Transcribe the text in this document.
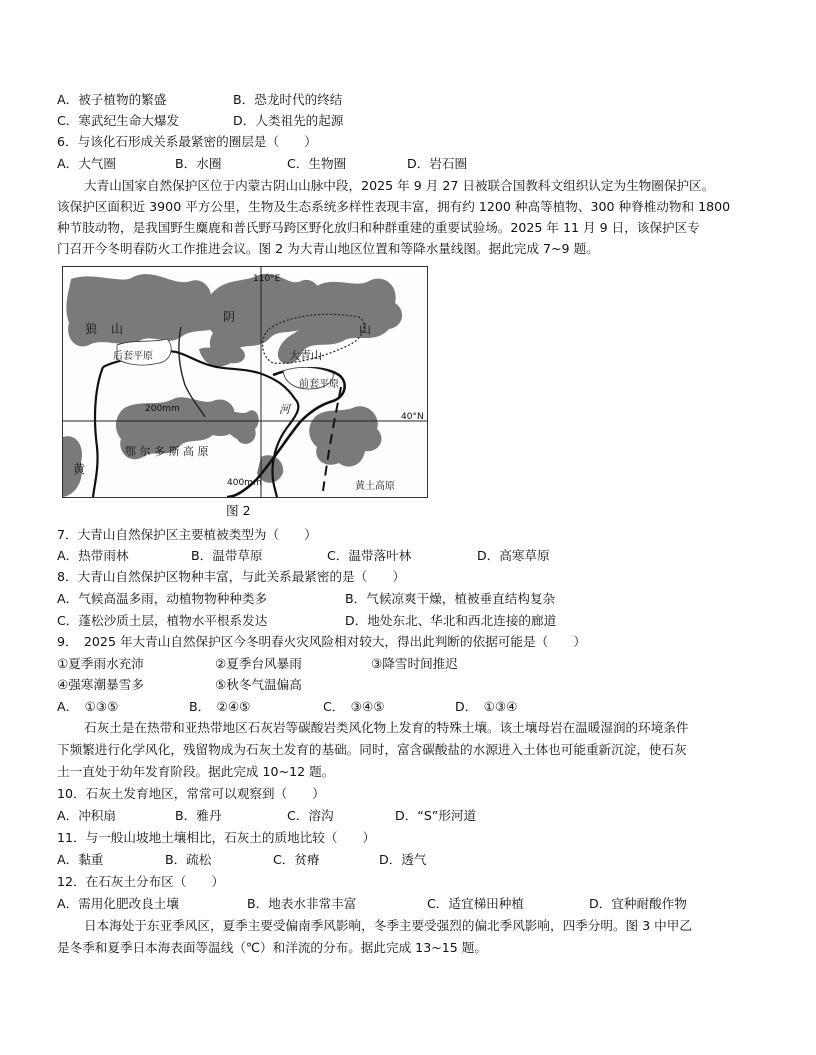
A．被子植物的繁盛	B．恐龙时代的终结
C．寒武纪生命大爆发	D．人类祖先的起源
6．与该化石形成关系最紧密的圈层是（　　）
A．大气圈	B．水圈	C．生物圈	D．岩石圈
大青山国家自然保护区位于内蒙古阴山山脉中段，2025 年 9 月 27 日被联合国教科文组织认定为生物圈保护区。
该保护区面积近 3900 平方公里，生物及生态系统多样性表现丰富，拥有约 1200 种高等植物、300 种脊椎动物和 1800
种节肢动物，是我国野生麋鹿和普氏野马跨区野化放归和种群重建的重要试验场。2025 年 11 月 9 日，该保护区专
门召开今冬明春防火工作推进会议。图 2 为大青山地区位置和等降水量线图。据此完成 7~9 题。
110°E
40°N
狼 山
阴
山
后套平原	大青山
前套平原
河
200mm
400mm
鄂 尔 多 斯 高 原
黄
黄土高原
图 2
7．大青山自然保护区主要植被类型为（　　）
A．热带雨林	B．温带草原	C．温带落叶林	D．高寒草原
8．大青山自然保护区物种丰富，与此关系最紧密的是（　　）
A．气候高温多雨，动植物物种种类多	B．气候凉爽干燥，植被垂直结构复杂
C．蓬松沙质土层，植物水平根系发达	D．地处东北、华北和西北连接的廊道
9．　2025 年大青山自然保护区今冬明春火灾风险相对较大，得出此判断的依据可能是（　　）
①夏季雨水充沛	②夏季台风暴雨	③降雪时间推迟
④强寒潮暴雪多	⑤秋冬气温偏高
A．　①③⑤	B．　②④⑤	C．　③④⑤	D．　①③④
石灰土是在热带和亚热带地区石灰岩等碳酸岩类风化物上发育的特殊土壤。该土壤母岩在温暖湿润的环境条件
下频繁进行化学风化，残留物成为石灰土发育的基础。同时，富含碳酸盐的水源进入土体也可能重新沉淀，使石灰
土一直处于幼年发育阶段。据此完成 10~12 题。
10．石灰土发育地区，常常可以观察到（　　）
A．冲积扇	B．雅丹	C．溶沟	D．“S”形河道
11．与一般山坡地土壤相比，石灰土的质地比较（　　）
A．黏重	B．疏松	C．贫瘠	D．透气
12．在石灰土分布区（　　）
A．需用化肥改良土壤	B．地表水非常丰富	C．适宜梯田种植	D．宜种耐酸作物
日本海处于东亚季风区，夏季主要受偏南季风影响，冬季主要受强烈的偏北季风影响，四季分明。图 3 中甲乙
是冬季和夏季日本海表面等温线（℃）和洋流的分布。据此完成 13~15 题。
